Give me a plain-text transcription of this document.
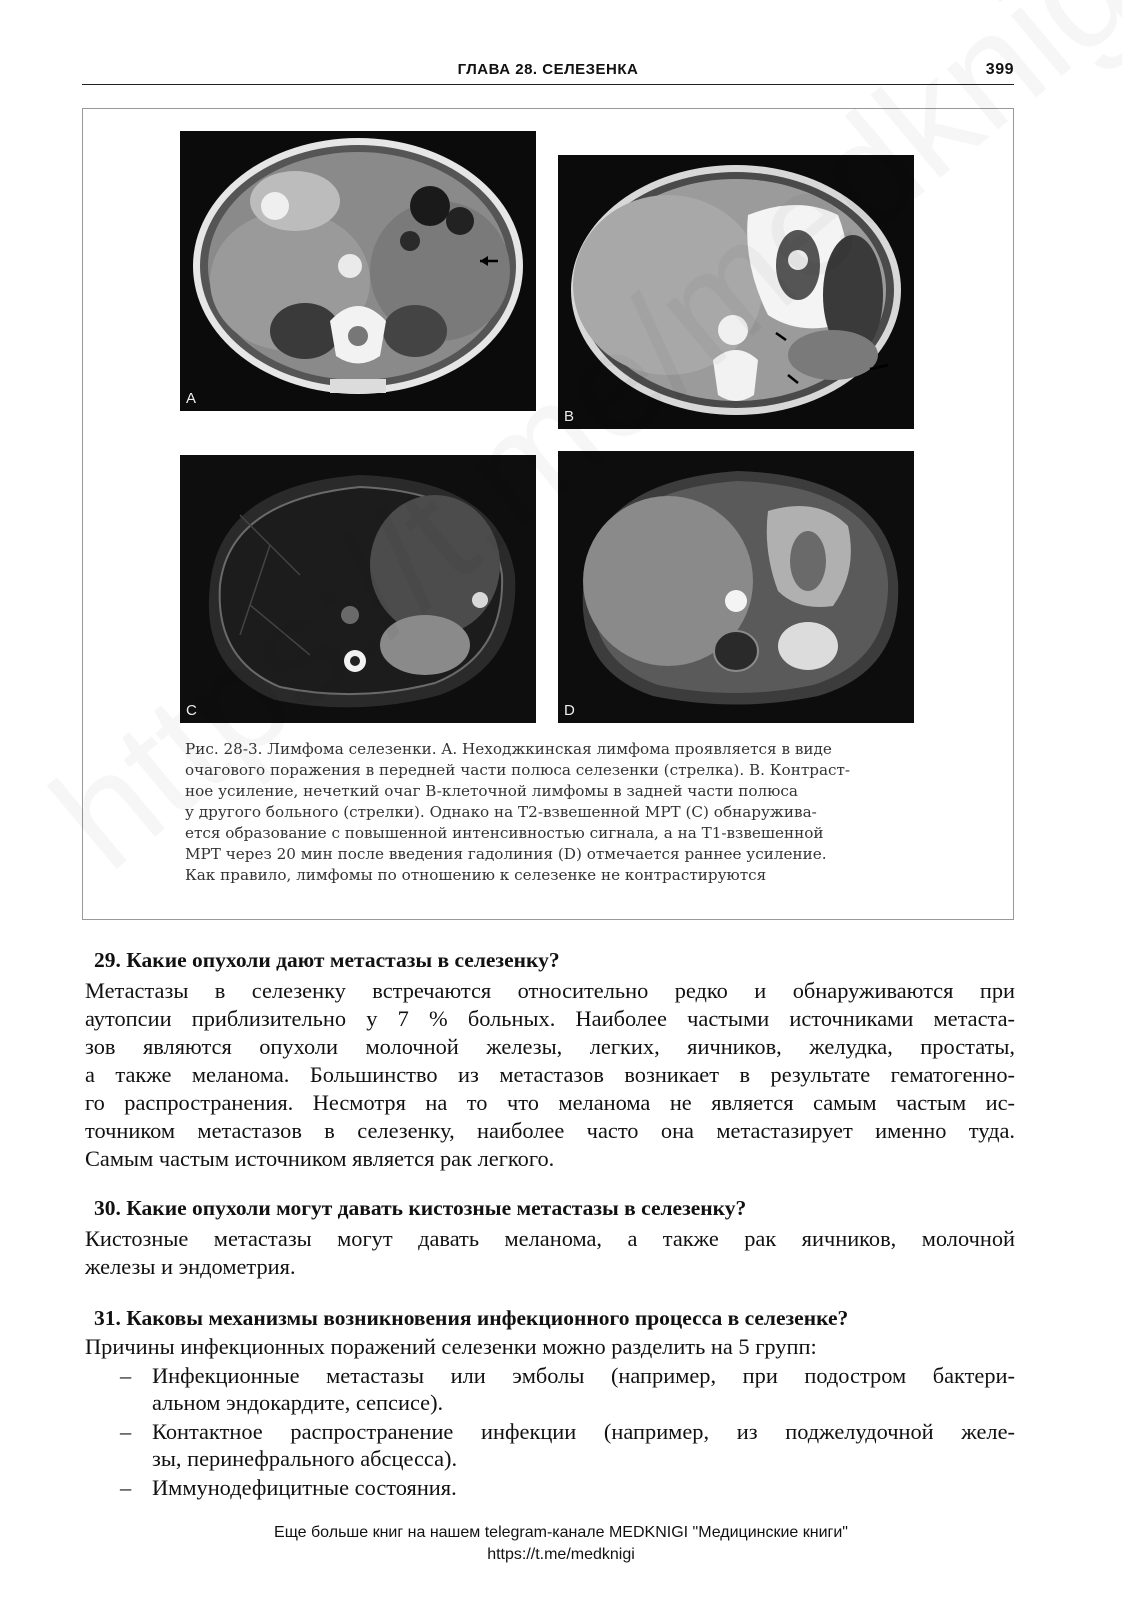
ГЛАВА 28. СЕЛЕЗЕНКА	399
A
B
C	D
Рис. 28-3. Лимфома селезенки. A. Неходжкинская лимфома проявляется в виде
очагового поражения в передней части полюса селезенки (стрелка). B. Контраст-
ное усиление, нечеткий очаг B-клеточной лимфомы в задней части полюса
у другого больного (стрелки). Однако на Т2-взвешенной МРТ (C) обнаружива-
ется образование с повышенной интенсивностью сигнала, а на Т1-взвешенной
МРТ через 20 мин после введения гадолиния (D) отмечается раннее усиление.
Как правило, лимфомы по отношению к селезенке не контрастируются
29. Какие опухоли дают метастазы в селезенку?
Метастазы в селезенку встречаются относительно редко и обнаруживаются при
аутопсии приблизительно у 7 % больных. Наиболее частыми источниками метаста-
зов являются опухоли молочной железы, легких, яичников, желудка, простаты,
а также меланома. Большинство из метастазов возникает в результате гематогенно-
го распространения. Несмотря на то что меланома не является самым частым ис-
точником метастазов в селезенку, наиболее часто она метастазирует именно туда.
Самым частым источником является рак легкого.
30. Какие опухоли могут давать кистозные метастазы в селезенку?
Кистозные метастазы могут давать меланома, а также рак яичников, молочной
железы и эндометрия.
31. Каковы механизмы возникновения инфекционного процесса в селезенке?
Причины инфекционных поражений селезенки можно разделить на 5 групп:
– Инфекционные метастазы или эмболы (например, при подостром бактери-
альном эндокардите, сепсисе).
– Контактное распространение инфекции (например, из поджелудочной желе-
зы, перинефрального абсцесса).
– Иммунодефицитные состояния.
Еще больше книг на нашем telegram-канале MEDKNIGI "Медицинские книги"
https://t.me/medknigi
